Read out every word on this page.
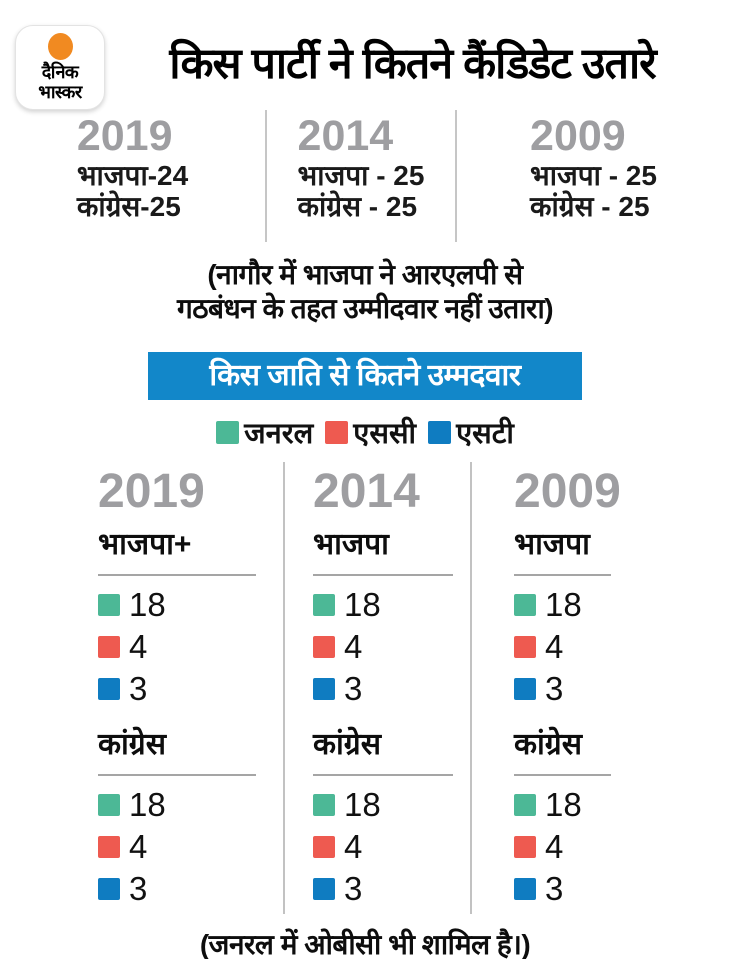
दैनिक
भास्कर
किस पार्टी ने कितने कैंडिडेट उतारे
2019
भाजपा-24
कांग्रेस-25
2014
भाजपा - 25
कांग्रेस - 25
2009
भाजपा - 25
कांग्रेस - 25
(नागौर में भाजपा ने आरएलपी से
गठबंधन के तहत उम्मीदवार नहीं उतारा)
किस जाति से कितने उम्मदवार
जनरल एससी एसटी
2019
भाजपा+
18
4
3
कांग्रेस
18
4
3
2014
भाजपा
18
4
3
कांग्रेस
18
4
3
2009
भाजपा
18
4
3
कांग्रेस
18
4
3
(जनरल में ओबीसी भी शामिल है।)
